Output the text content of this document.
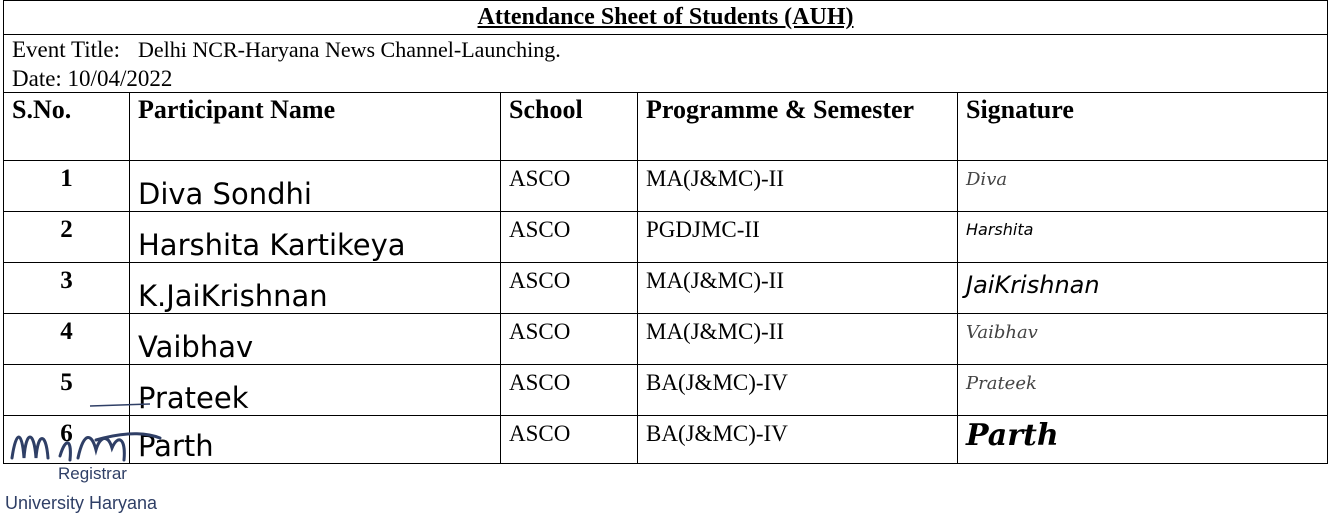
Attendance Sheet of Students (AUH)				
Event Title: Delhi NCR-Haryana News Channel-Launching.				
Date: 10/04/2022				
S.No.	Participant Name	School	Programme & Semester	Signature
1	Diva Sondhi	ASCO	MA(J&MC)-II	Diva
2	Harshita Kartikeya	ASCO	PGDJMC-II	Harshita
3	K.JaiKrishnan	ASCO	MA(J&MC)-II	JaiKrishnan
4	Vaibhav	ASCO	MA(J&MC)-II	Vaibhav
5	Prateek	ASCO	BA(J&MC)-IV	Prateek
6	Parth	ASCO	BA(J&MC)-IV	Parth
Registrar
University Haryana
